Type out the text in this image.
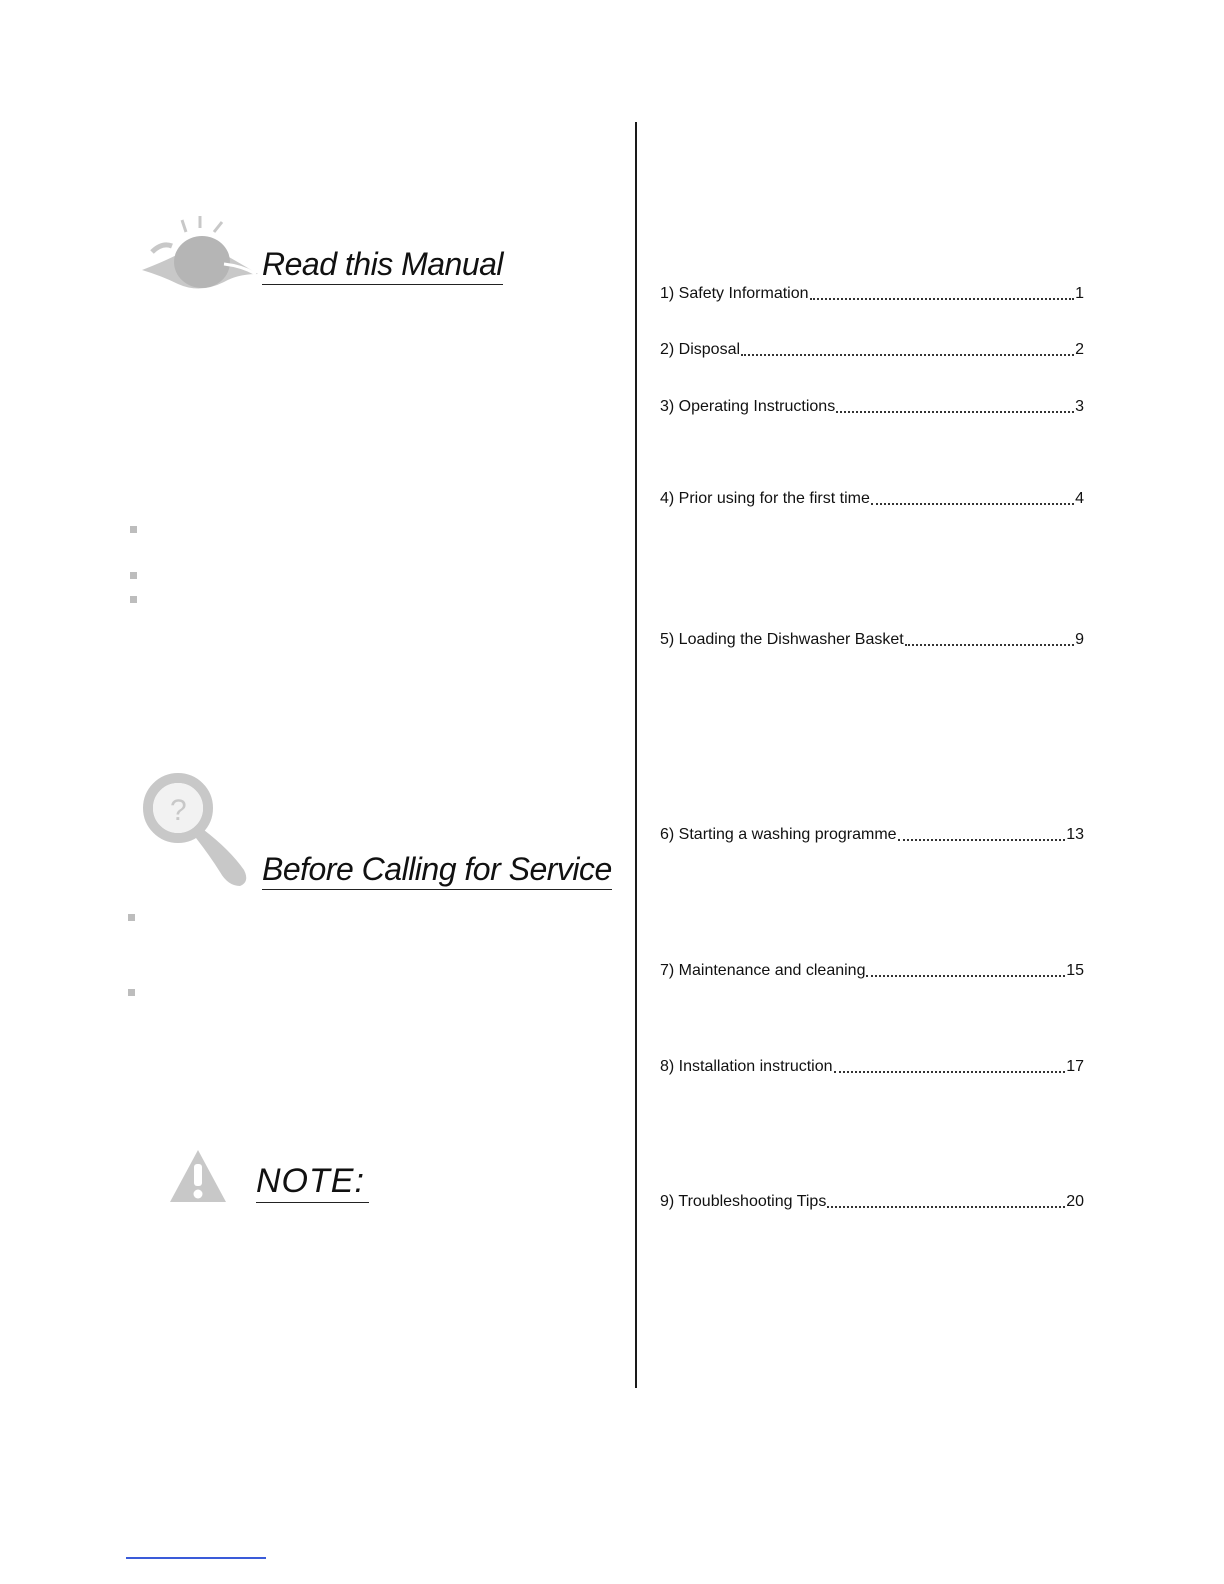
Read this Manual
?
Before Calling for Service
NOTE:
1) Safety Information	1
2) Disposal	2
3) Operating Instructions	3
4) Prior using for the first time	4
5) Loading the Dishwasher Basket	9
6) Starting a washing programme	13
7) Maintenance and cleaning	15
8) Installation instruction	17
9) Troubleshooting Tips	20
